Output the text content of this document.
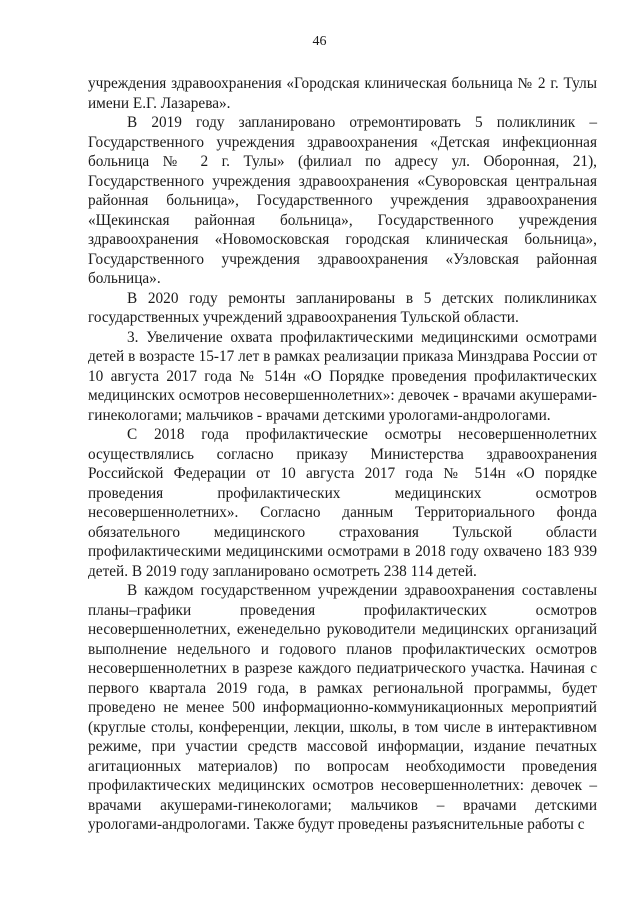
46

учреждения здравоохранения «Городская клиническая больница № 2 г. Тулы имени Е.Г. Лазарева».

В 2019 году запланировано отремонтировать 5 поликлиник – Государственного учреждения здравоохранения «Детская инфекционная больница № 2 г. Тулы» (филиал по адресу ул. Оборонная, 21), Государственного учреждения здравоохранения «Суворовская центральная районная больница», Государственного учреждения здравоохранения «Щекинская районная больница», Государственного учреждения здравоохранения «Новомосковская городская клиническая больница», Государственного учреждения здравоохранения «Узловская районная больница».

В 2020 году ремонты запланированы в 5 детских поликлиниках государственных учреждений здравоохранения Тульской области.

3. Увеличение охвата профилактическими медицинскими осмотрами детей в возрасте 15-17 лет в рамках реализации приказа Минздрава России от 10 августа 2017 года № 514н «О Порядке проведения профилактических медицинских осмотров несовершеннолетних»: девочек - врачами акушерами-гинекологами; мальчиков - врачами детскими урологами-андрологами.

С 2018 года профилактические осмотры несовершеннолетних осуществлялись согласно приказу Министерства здравоохранения Российской Федерации от 10 августа 2017 года № 514н «О порядке проведения профилактических медицинских осмотров несовершеннолетних». Согласно данным Территориального фонда обязательного медицинского страхования Тульской области профилактическими медицинскими осмотрами в 2018 году охвачено 183 939 детей. В 2019 году запланировано осмотреть 238 114 детей.

В каждом государственном учреждении здравоохранения составлены планы–графики проведения профилактических осмотров несовершеннолетних, еженедельно руководители медицинских организаций выполнение недельного и годового планов профилактических осмотров несовершеннолетних в разрезе каждого педиатрического участка. Начиная с первого квартала 2019 года, в рамках региональной программы, будет проведено не менее 500 информационно-коммуникационных мероприятий (круглые столы, конференции, лекции, школы, в том числе в интерактивном режиме, при участии средств массовой информации, издание печатных агитационных материалов) по вопросам необходимости проведения профилактических медицинских осмотров несовершеннолетних: девочек – врачами акушерами-гинекологами; мальчиков – врачами детскими урологами-андрологами. Также будут проведены разъяснительные работы с
